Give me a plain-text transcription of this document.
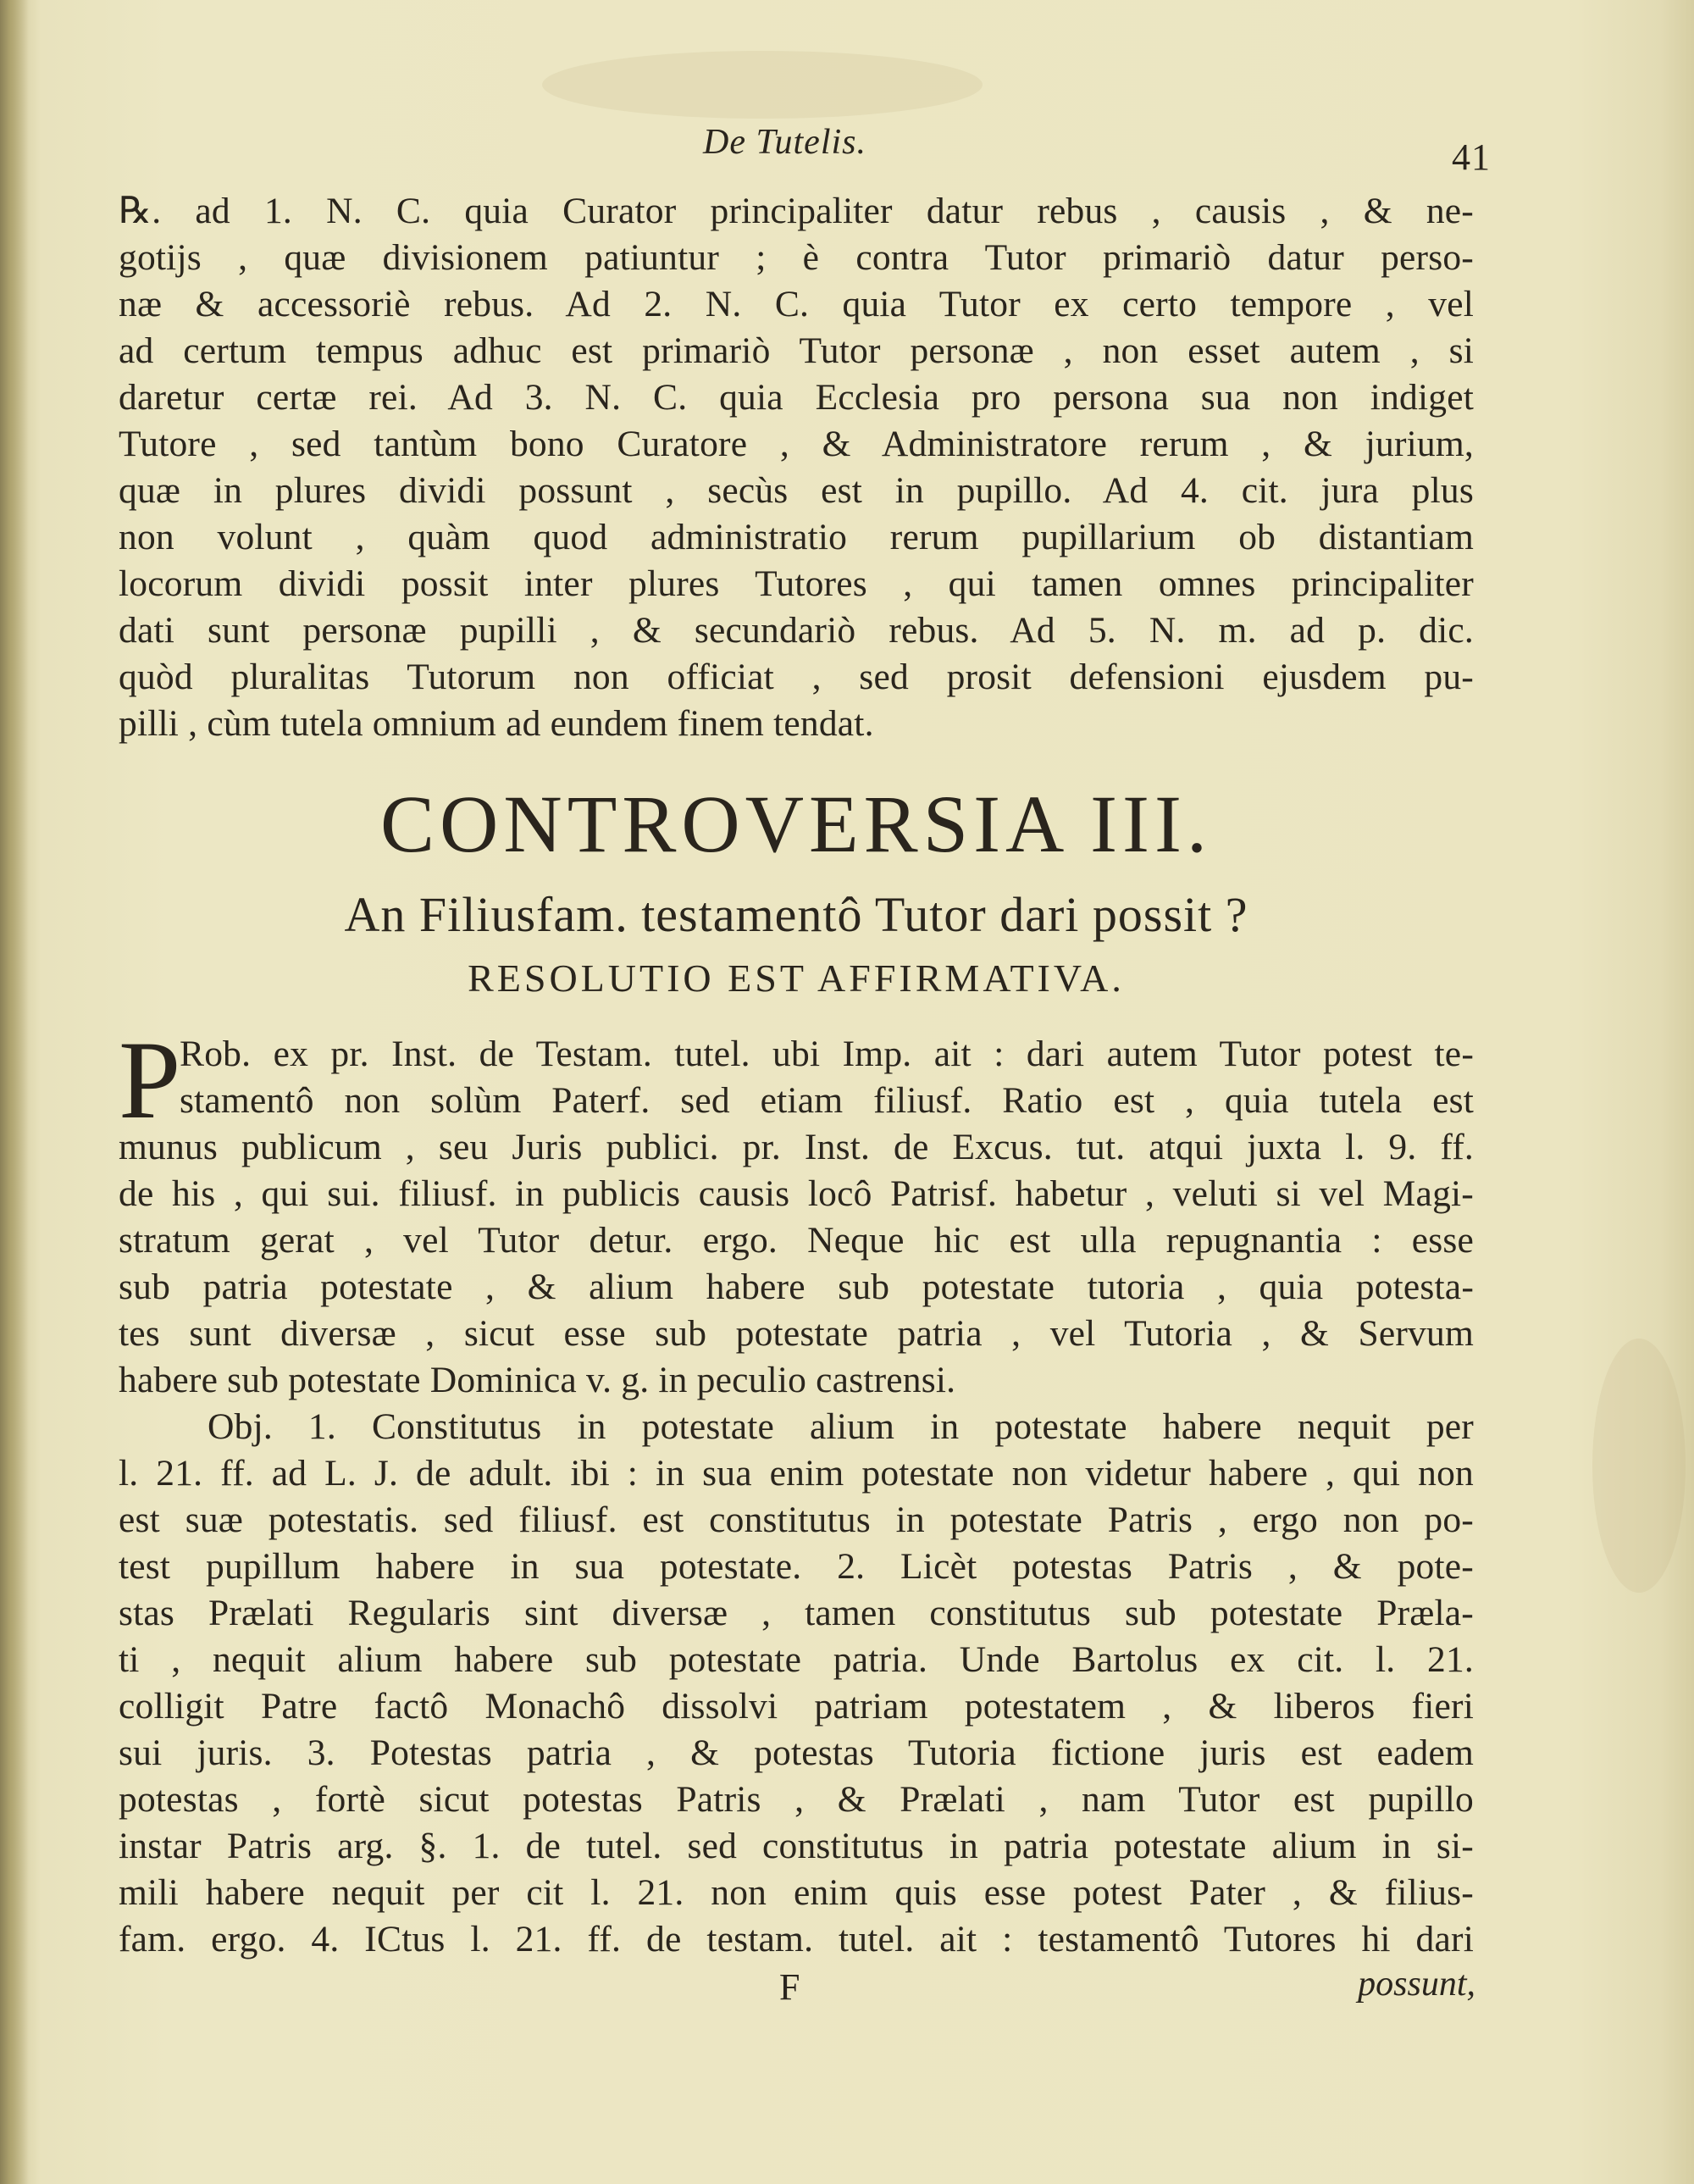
De Tutelis.	41
℞. ad 1. N. C. quia Curator principaliter datur rebus , causis , & ne-
gotijs , quæ divisionem patiuntur ; è contra Tutor primariò datur perso-
næ & accessoriè rebus. Ad 2. N. C. quia Tutor ex certo tempore , vel
ad certum tempus adhuc est primariò Tutor personæ , non esset autem , si
daretur certæ rei. Ad 3. N. C. quia Ecclesia pro persona sua non indiget
Tutore , sed tantùm bono Curatore , & Administratore rerum , & jurium,
quæ in plures dividi possunt , secùs est in pupillo. Ad 4. cit. jura plus
non volunt , quàm quod administratio rerum pupillarium ob distantiam
locorum dividi possit inter plures Tutores , qui tamen omnes principaliter
dati sunt personæ pupilli , & secundariò rebus. Ad 5. N. m. ad p. dic.
quòd pluralitas Tutorum non officiat , sed prosit defensioni ejusdem pu-
pilli , cùm tutela omnium ad eundem finem tendat.
CONTROVERSIA III.
An Filiusfam. testamentô Tutor dari possit ?
RESOLUTIO EST AFFIRMATIVA.
P
Rob. ex pr. Inst. de Testam. tutel. ubi Imp. ait : dari autem Tutor potest te-
stamentô non solùm Paterf. sed etiam filiusf. Ratio est , quia tutela est
munus publicum , seu Juris publici. pr. Inst. de Excus. tut. atqui juxta l. 9. ff.
de his , qui sui. filiusf. in publicis causis locô Patrisf. habetur , veluti si vel Magi-
stratum gerat , vel Tutor detur. ergo. Neque hic est ulla repugnantia : esse
sub patria potestate , & alium habere sub potestate tutoria , quia potesta-
tes sunt diversæ , sicut esse sub potestate patria , vel Tutoria , & Servum
habere sub potestate Dominica v. g. in peculio castrensi.
Obj. 1. Constitutus in potestate alium in potestate habere nequit per
l. 21. ff. ad L. J. de adult. ibi : in sua enim potestate non videtur habere , qui non
est suæ potestatis. sed filiusf. est constitutus in potestate Patris , ergo non po-
test pupillum habere in sua potestate. 2. Licèt potestas Patris , & pote-
stas Prælati Regularis sint diversæ , tamen constitutus sub potestate Præla-
ti , nequit alium habere sub potestate patria. Unde Bartolus ex cit. l. 21.
colligit Patre factô Monachô dissolvi patriam potestatem , & liberos fieri
sui juris. 3. Potestas patria , & potestas Tutoria fictione juris est eadem
potestas , fortè sicut potestas Patris , & Prælati , nam Tutor est pupillo
instar Patris arg. §. 1. de tutel. sed constitutus in patria potestate alium in si-
mili habere nequit per cit l. 21. non enim quis esse potest Pater , & filius-
fam. ergo. 4. ICtus l. 21. ff. de testam. tutel. ait : testamentô Tutores hi dari
F	possunt,
